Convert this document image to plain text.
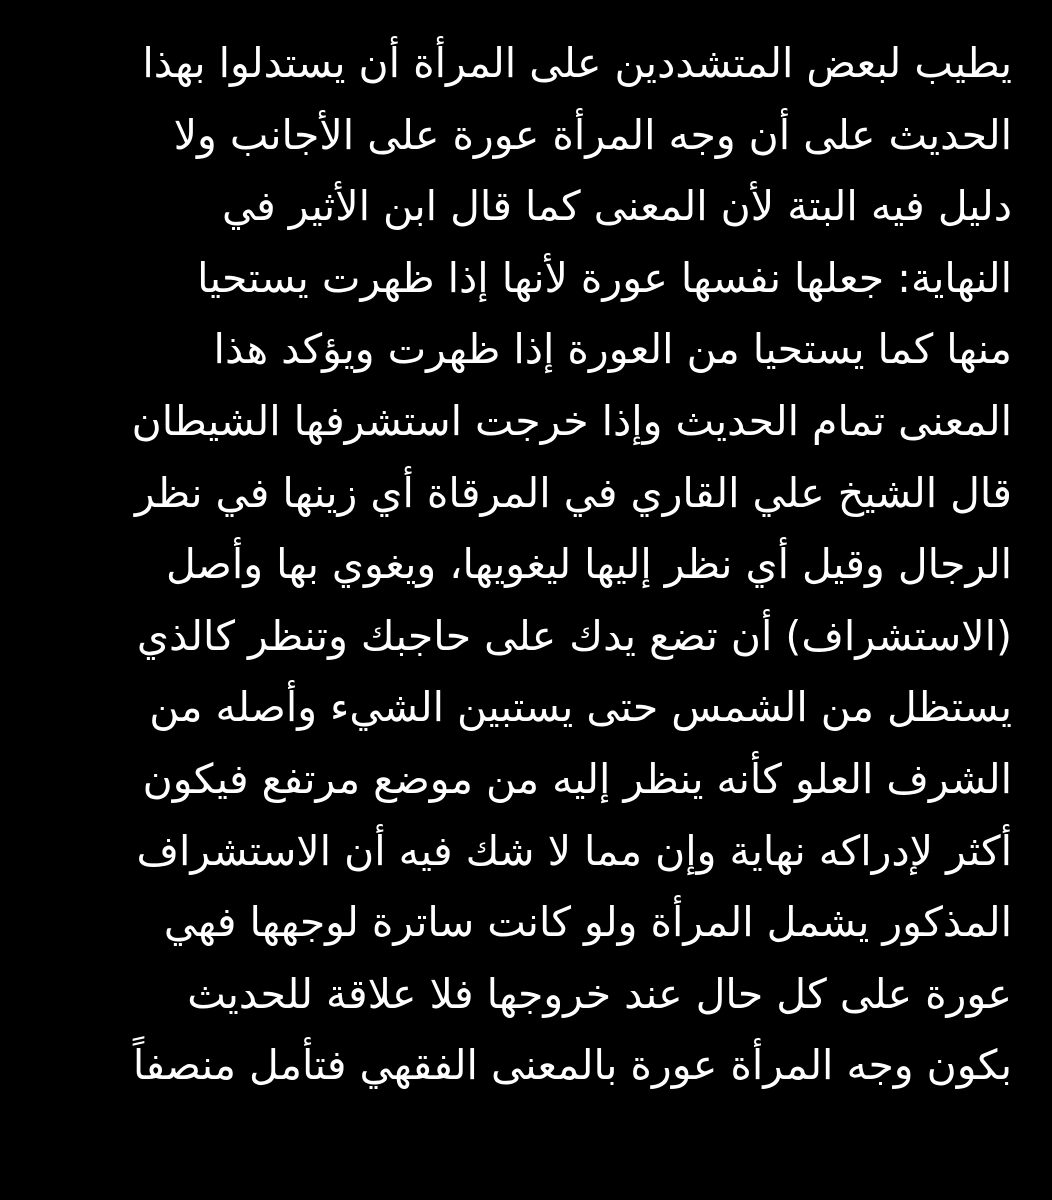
يطيب لبعض المتشددين على المرأة أن يستدلوا بهذا
الحديث على أن وجه المرأة عورة على الأجانب ولا
دليل فيه البتة لأن المعنى كما قال ابن الأثير في
النهاية: جعلها نفسها عورة لأنها إذا ظهرت يستحيا
منها كما يستحيا من العورة إذا ظهرت ويؤكد هذا
المعنى تمام الحديث وإذا خرجت استشرفها الشيطان
قال الشيخ علي القاري في المرقاة أي زينها في نظر
الرجال وقيل أي نظر إليها ليغويها، ويغوي بها وأصل
(الاستشراف) أن تضع يدك على حاجبك وتنظر كالذي
يستظل من الشمس حتى يستبين الشيء وأصله من
الشرف العلو كأنه ينظر إليه من موضع مرتفع فيكون
أكثر لإدراكه نهاية وإن مما لا شك فيه أن الاستشراف
المذكور يشمل المرأة ولو كانت ساترة لوجهها فهي
عورة على كل حال عند خروجها فلا علاقة للحديث
بكون وجه المرأة عورة بالمعنى الفقهي فتأمل منصفاً
